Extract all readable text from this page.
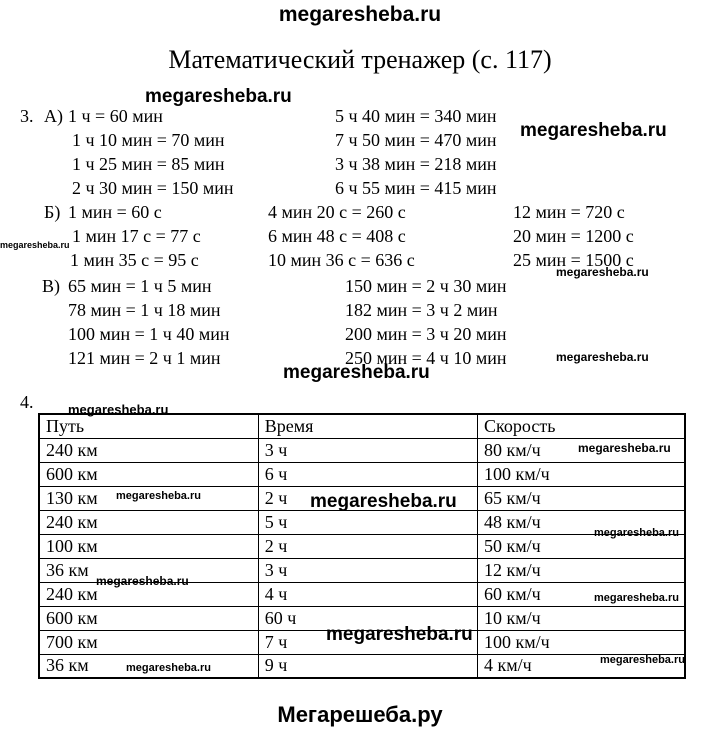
megaresheba.ru
Математический тренажер (с. 117)
3. А) 1 ч = 60 мин	5 ч 40 мин = 340 мин
1 ч 10 мин = 70 мин	7 ч 50 мин = 470 мин
1 ч 25 мин = 85 мин	3 ч 38 мин = 218 мин
2 ч 30 мин = 150 мин	6 ч 55 мин = 415 мин
Б) 1 мин = 60 с	4 мин 20 с = 260 с	12 мин = 720 с
1 мин 17 с = 77 с	6 мин 48 с = 408 с	20 мин = 1200 с
1 мин 35 с = 95 с	10 мин 36 с = 636 с	25 мин = 1500 с
В) 65 мин = 1 ч 5 мин	150 мин = 2 ч 30 мин
78 мин = 1 ч 18 мин	182 мин = 3 ч 2 мин
100 мин = 1 ч 40 мин	200 мин = 3 ч 20 мин
121 мин = 2 ч 1 мин	250 мин = 4 ч 10 мин
4.
Путь	Время	Скорость
240 км	3 ч	80 км/ч
600 км	6 ч	100 км/ч
130 км	2 ч	65 км/ч
240 км	5 ч	48 км/ч
100 км	2 ч	50 км/ч
36 км	3 ч	12 км/ч
240 км	4 ч	60 км/ч
600 км	60 ч	10 км/ч
700 км	7 ч	100 км/ч
36 км	9 ч	4 км/ч
megaresheba.ru
megaresheba.ru
megaresheba.ru
megaresheba.ru
megaresheba.ru
megaresheba.ru
megaresheba.ru
megaresheba.ru
megaresheba.ru	megaresheba.ru
megaresheba.ru
megaresheba.ru
megaresheba.ru
megaresheba.ru
megaresheba.ru
megaresheba.ru
Мегарешеба.ру
